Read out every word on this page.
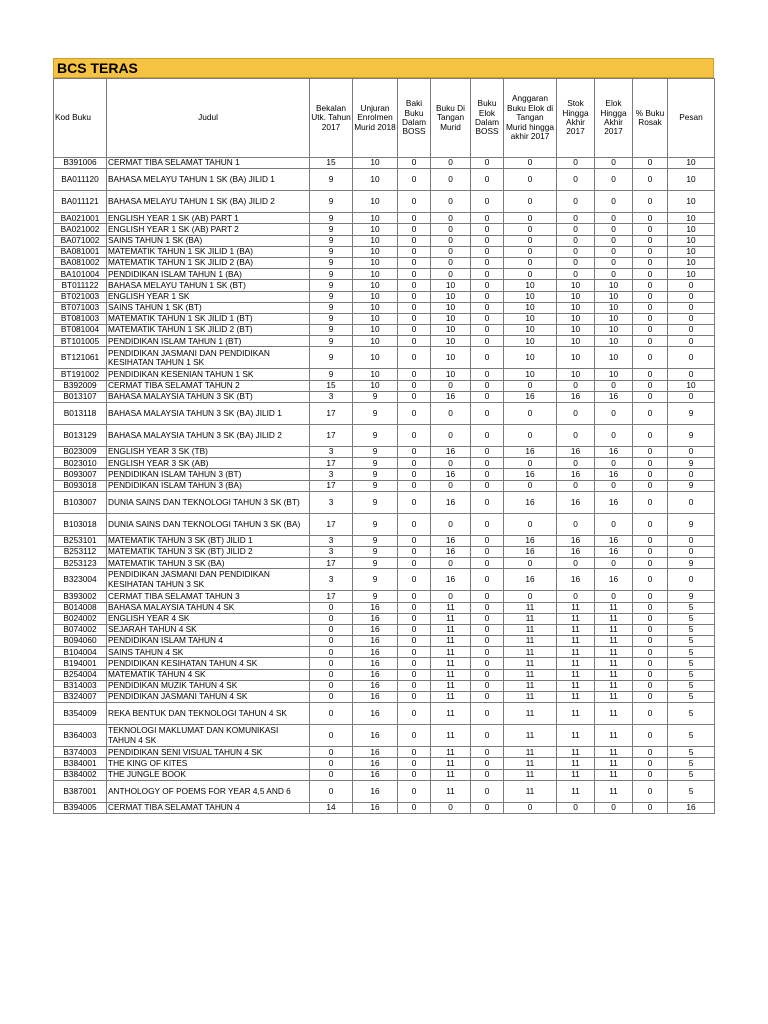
BCS TERAS
Kod Buku	Judul	Bekalan Utk. Tahun 2017	Unjuran Enrolmen Murid 2018	Baki Buku Dalam BOSS	Buku Di Tangan Murid	Buku Elok Dalam BOSS	Anggaran Buku Elok di Tangan Murid hingga akhir 2017	Stok Hingga Akhir 2017	Elok Hingga Akhir 2017	% Buku Rosak	Pesan
B391006	CERMAT TIBA SELAMAT TAHUN 1	15	10	0	0	0	0	0	0	0	10
BA011120	BAHASA MELAYU TAHUN 1 SK (BA) JILID 1	9	10	0	0	0	0	0	0	0	10
BA011121	BAHASA MELAYU TAHUN 1 SK (BA) JILID 2	9	10	0	0	0	0	0	0	0	10
BA021001	ENGLISH YEAR 1 SK (AB) PART 1	9	10	0	0	0	0	0	0	0	10
BA021002	ENGLISH YEAR 1 SK (AB) PART 2	9	10	0	0	0	0	0	0	0	10
BA071002	SAINS TAHUN 1 SK (BA)	9	10	0	0	0	0	0	0	0	10
BA081001	MATEMATIK TAHUN 1 SK JILID 1 (BA)	9	10	0	0	0	0	0	0	0	10
BA081002	MATEMATIK TAHUN 1 SK JILID 2 (BA)	9	10	0	0	0	0	0	0	0	10
BA101004	PENDIDIKAN ISLAM TAHUN 1 (BA)	9	10	0	0	0	0	0	0	0	10
BT011122	BAHASA MELAYU TAHUN 1 SK (BT)	9	10	0	10	0	10	10	10	0	0
BT021003	ENGLISH YEAR 1 SK	9	10	0	10	0	10	10	10	0	0
BT071003	SAINS TAHUN 1 SK (BT)	9	10	0	10	0	10	10	10	0	0
BT081003	MATEMATIK TAHUN 1 SK JILID 1 (BT)	9	10	0	10	0	10	10	10	0	0
BT081004	MATEMATIK TAHUN 1 SK JILID 2 (BT)	9	10	0	10	0	10	10	10	0	0
BT101005	PENDIDIKAN ISLAM TAHUN 1 (BT)	9	10	0	10	0	10	10	10	0	0
BT121061	PENDIDIKAN JASMANI DAN PENDIDIKAN KESIHATAN TAHUN 1 SK	9	10	0	10	0	10	10	10	0	0
BT191002	PENDIDIKAN KESENIAN TAHUN 1 SK	9	10	0	10	0	10	10	10	0	0
B392009	CERMAT TIBA SELAMAT TAHUN 2	15	10	0	0	0	0	0	0	0	10
B013107	BAHASA MALAYSIA TAHUN 3 SK (BT)	3	9	0	16	0	16	16	16	0	0
B013118	BAHASA MALAYSIA TAHUN 3 SK (BA) JILID 1	17	9	0	0	0	0	0	0	0	9
B013129	BAHASA MALAYSIA TAHUN 3 SK (BA) JILID 2	17	9	0	0	0	0	0	0	0	9
B023009	ENGLISH YEAR 3 SK (TB)	3	9	0	16	0	16	16	16	0	0
B023010	ENGLISH YEAR 3 SK (AB)	17	9	0	0	0	0	0	0	0	9
B093007	PENDIDIKAN ISLAM TAHUN 3 (BT)	3	9	0	16	0	16	16	16	0	0
B093018	PENDIDIKAN ISLAM TAHUN 3 (BA)	17	9	0	0	0	0	0	0	0	9
B103007	DUNIA SAINS DAN TEKNOLOGI TAHUN 3 SK (BT)	3	9	0	16	0	16	16	16	0	0
B103018	DUNIA SAINS DAN TEKNOLOGI TAHUN 3 SK (BA)	17	9	0	0	0	0	0	0	0	9
B253101	MATEMATIK TAHUN 3 SK (BT) JILID 1	3	9	0	16	0	16	16	16	0	0
B253112	MATEMATIK TAHUN 3 SK (BT) JILID 2	3	9	0	16	0	16	16	16	0	0
B253123	MATEMATIK TAHUN 3 SK (BA)	17	9	0	0	0	0	0	0	0	9
B323004	PENDIDIKAN JASMANI DAN PENDIDIKAN KESIHATAN TAHUN 3 SK	3	9	0	16	0	16	16	16	0	0
B393002	CERMAT TIBA SELAMAT TAHUN 3	17	9	0	0	0	0	0	0	0	9
B014008	BAHASA MALAYSIA TAHUN 4 SK	0	16	0	11	0	11	11	11	0	5
B024002	ENGLISH YEAR 4 SK	0	16	0	11	0	11	11	11	0	5
B074002	SEJARAH TAHUN 4 SK	0	16	0	11	0	11	11	11	0	5
B094060	PENDIDIKAN ISLAM TAHUN 4	0	16	0	11	0	11	11	11	0	5
B104004	SAINS TAHUN 4 SK	0	16	0	11	0	11	11	11	0	5
B194001	PENDIDIKAN KESIHATAN TAHUN 4 SK	0	16	0	11	0	11	11	11	0	5
B254004	MATEMATIK TAHUN 4 SK	0	16	0	11	0	11	11	11	0	5
B314003	PENDIDIKAN MUZIK TAHUN 4 SK	0	16	0	11	0	11	11	11	0	5
B324007	PENDIDIKAN JASMANI TAHUN 4 SK	0	16	0	11	0	11	11	11	0	5
B354009	REKA BENTUK DAN TEKNOLOGI TAHUN 4 SK	0	16	0	11	0	11	11	11	0	5
B364003	TEKNOLOGI MAKLUMAT DAN KOMUNIKASI TAHUN 4 SK	0	16	0	11	0	11	11	11	0	5
B374003	PENDIDIKAN SENI VISUAL TAHUN 4 SK	0	16	0	11	0	11	11	11	0	5
B384001	THE KING OF KITES	0	16	0	11	0	11	11	11	0	5
B384002	THE JUNGLE BOOK	0	16	0	11	0	11	11	11	0	5
B387001	ANTHOLOGY OF POEMS FOR YEAR 4,5 AND 6	0	16	0	11	0	11	11	11	0	5
B394005	CERMAT TIBA SELAMAT TAHUN 4	14	16	0	0	0	0	0	0	0	16
